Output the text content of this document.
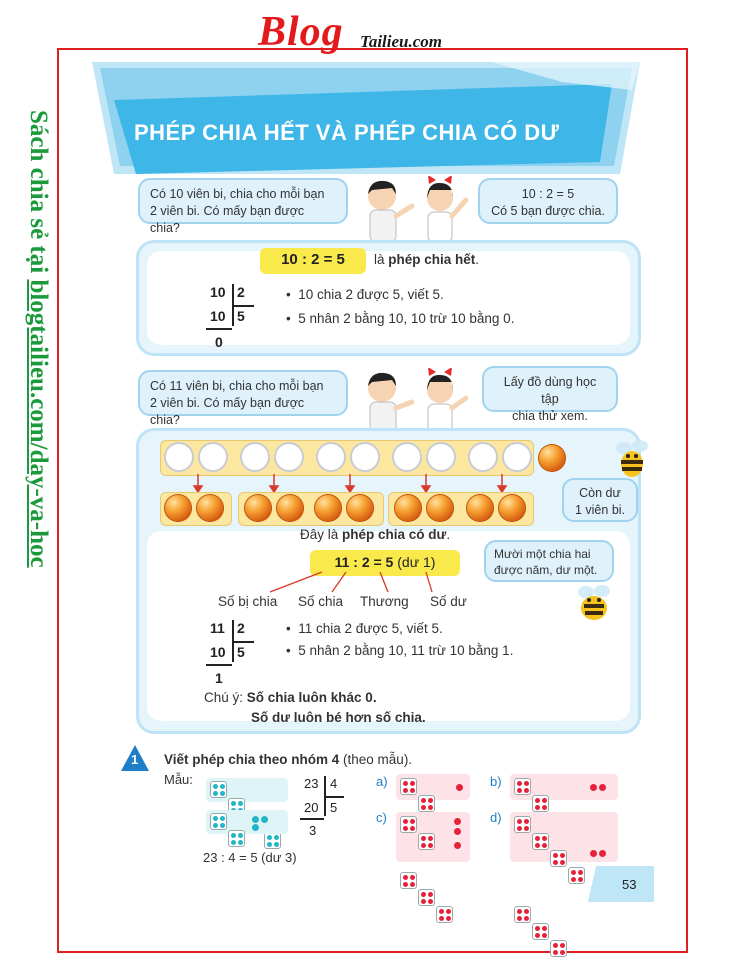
Blog Tailieu.com
Sách chia sẻ tại blogtailieu.com/day-va-hoc
PHÉP CHIA HẾT VÀ PHÉP CHIA CÓ DƯ
Có 10 viên bi, chia cho mỗi bạn
2 viên bi. Có mấy bạn được chia?
10 : 2 = 5
Có 5 bạn được chia.
10 : 2 = 5	là phép chia hết.
10 2
10 5
0
•  10 chia 2 được 5, viết 5.
•  5 nhân 2 bằng 10, 10 trừ 10 bằng 0.
Có 11 viên bi, chia cho mỗi bạn
2 viên bi. Có mấy bạn được chia?
Lấy đồ dùng học tập
chia thử xem.
Còn dư
1 viên bi.
Đây là phép chia có dư.
11 : 2 = 5 (dư 1)	Mười một chia hai
được năm, dư một.
Số bị chia Số chia Thương Số dư
11 2
10 5
1
•  11 chia 2 được 5, viết 5.
•  5 nhân 2 bằng 10, 11 trừ 10 bằng 1.
Chú ý: Số chia luôn khác 0.
Số dư luôn bé hơn số chia.
1 Viết phép chia theo nhóm 4 (theo mẫu).
Mẫu:	23 4
20 5
3
23 : 4 = 5 (dư 3)
a)	b)
c)	d)
53
